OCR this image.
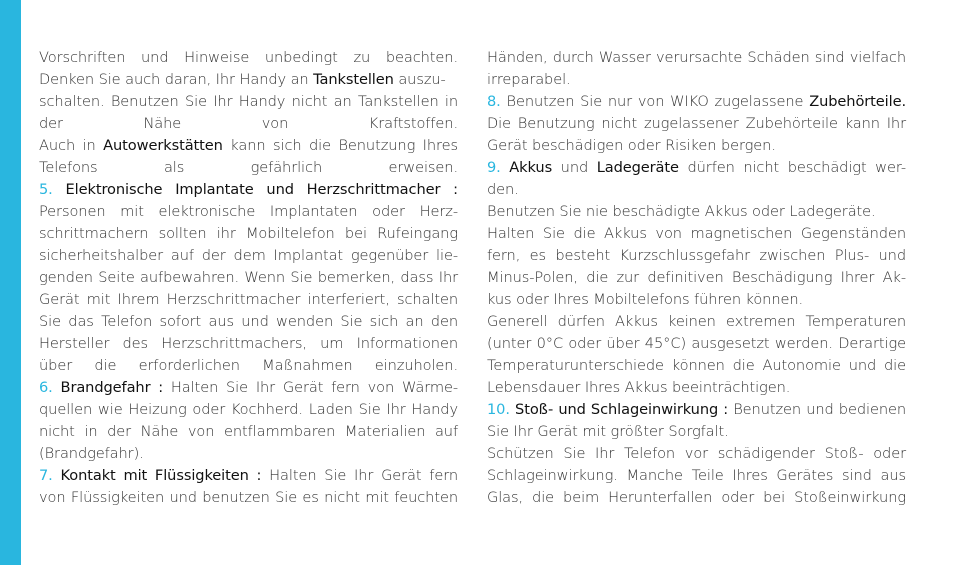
Vorschriften und Hinweise unbedingt zu beachten.
Denken Sie auch daran, Ihr Handy an Tankstellen auszu-
schalten. Benutzen Sie Ihr Handy nicht an Tankstellen in
der Nähe von Kraftstoffen.
Auch in Autowerkstätten kann sich die Benutzung Ihres
Telefons als gefährlich erweisen.
5. Elektronische Implantate und Herzschrittmacher :
Personen mit elektronische Implantaten oder Herz-
schrittmachern sollten ihr Mobiltelefon bei Rufeingang
sicherheitshalber auf der dem Implantat gegenüber lie-
genden Seite aufbewahren. Wenn Sie bemerken, dass Ihr
Gerät mit Ihrem Herzschrittmacher interferiert, schalten
Sie das Telefon sofort aus und wenden Sie sich an den
Hersteller des Herzschrittmachers, um Informationen
über die erforderlichen Maßnahmen einzuholen.
6. Brandgefahr : Halten Sie Ihr Gerät fern von Wärme-
quellen wie Heizung oder Kochherd. Laden Sie Ihr Handy
nicht in der Nähe von entflammbaren Materialien auf
(Brandgefahr).
7. Kontakt mit Flüssigkeiten : Halten Sie Ihr Gerät fern
von Flüssigkeiten und benutzen Sie es nicht mit feuchten
Händen, durch Wasser verursachte Schäden sind vielfach
irreparabel.
8. Benutzen Sie nur von WIKO zugelassene Zubehörteile.
Die Benutzung nicht zugelassener Zubehörteile kann Ihr
Gerät beschädigen oder Risiken bergen.
9. Akkus und Ladegeräte dürfen nicht beschädigt wer-
den.
Benutzen Sie nie beschädigte Akkus oder Ladegeräte.
Halten Sie die Akkus von magnetischen Gegenständen
fern, es besteht Kurzschlussgefahr zwischen Plus- und
Minus-Polen, die zur definitiven Beschädigung Ihrer Ak-
kus oder Ihres Mobiltelefons führen können.
Generell dürfen Akkus keinen extremen Temperaturen
(unter 0°C oder über 45°C) ausgesetzt werden. Derartige
Temperaturunterschiede können die Autonomie und die
Lebensdauer Ihres Akkus beeinträchtigen.
10. Stoß- und Schlageinwirkung : Benutzen und bedienen
Sie Ihr Gerät mit größter Sorgfalt.
Schützen Sie Ihr Telefon vor schädigender Stoß- oder
Schlageinwirkung. Manche Teile Ihres Gerätes sind aus
Glas, die beim Herunterfallen oder bei Stoßeinwirkung
